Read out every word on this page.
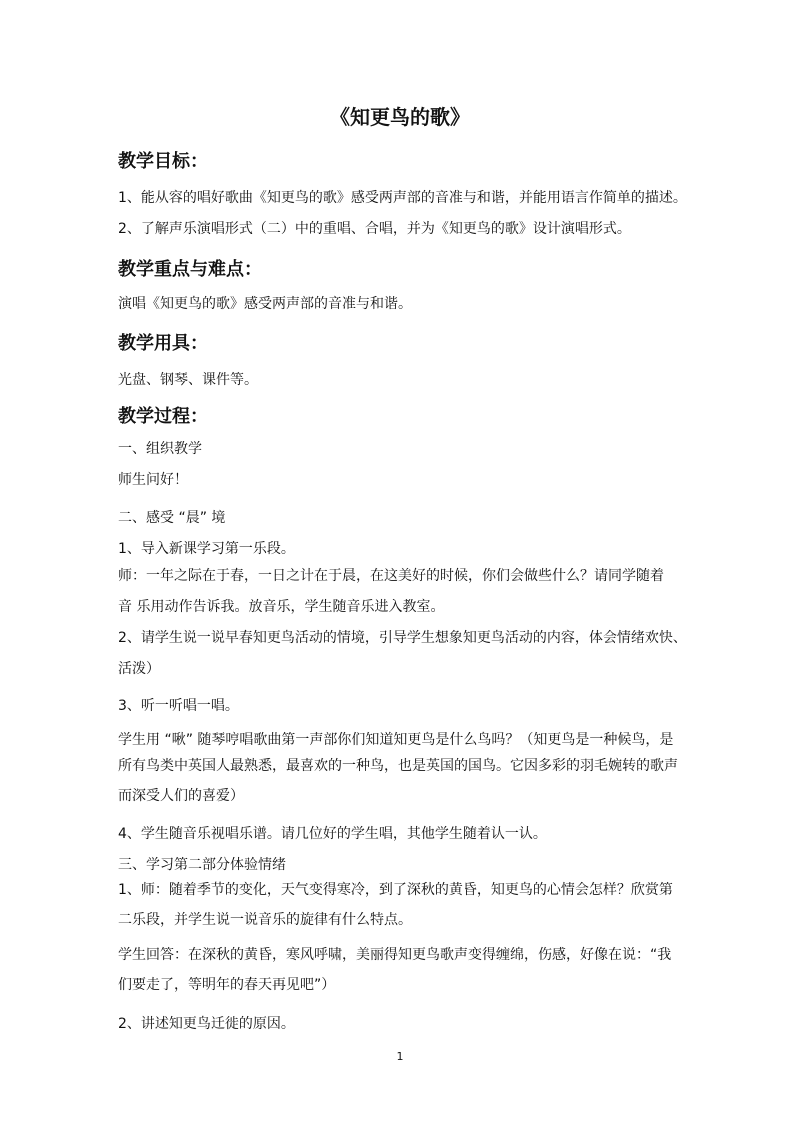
《知更鸟的歌》
教学目标：
1、能从容的唱好歌曲《知更鸟的歌》感受两声部的音准与和谐，并能用语言作简单的描述。
2、了解声乐演唱形式（二）中的重唱、合唱，并为《知更鸟的歌》设计演唱形式。
教学重点与难点：
演唱《知更鸟的歌》感受两声部的音准与和谐。
教学用具：
光盘、钢琴、课件等。
教学过程：
一、组织教学
师生问好！
二、感受 “晨” 境
1、导入新课学习第一乐段。
师：一年之际在于春，一日之计在于晨，在这美好的时候，你们会做些什么？请同学随着
音 乐用动作告诉我。放音乐，学生随音乐进入教室。
2、请学生说一说早春知更鸟活动的情境，引导学生想象知更鸟活动的内容，体会情绪欢快、
活泼）
3、听一听唱一唱。
学生用 “啾” 随琴哼唱歌曲第一声部你们知道知更鸟是什么鸟吗？（知更鸟是一种候鸟，是
所有鸟类中英国人最熟悉，最喜欢的一种鸟，也是英国的国鸟。它因多彩的羽毛婉转的歌声
而深受人们的喜爱）
4、学生随音乐视唱乐谱。请几位好的学生唱，其他学生随着认一认。
三、学习第二部分体验情绪
1、师：随着季节的变化，天气变得寒冷，到了深秋的黄昏，知更鸟的心情会怎样？欣赏第
二乐段，并学生说一说音乐的旋律有什么特点。
学生回答：在深秋的黄昏，寒风呼啸，美丽得知更鸟歌声变得缠绵，伤感，好像在说：“我
们要走了，等明年的春天再见吧”）
2、讲述知更鸟迁徙的原因。
1
